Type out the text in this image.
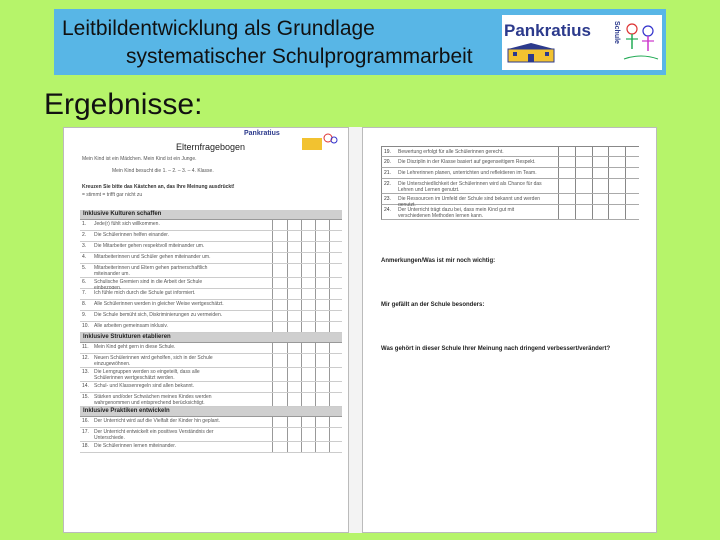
Leitbildentwicklung als Grundlage
systematischer Schulprogrammarbeit
Pankratius	Schule
Ergebnisse:
Elternfragebogen
Pankratius
Mein Kind ist ein Mädchen. Mein Kind ist ein Junge.
Mein Kind besucht die 1. – 2. – 3. – 4. Klasse.
Kreuzen Sie bitte das Kästchen an, das Ihre Meinung ausdrückt!
= stimmt = trifft gar nicht zu
Inklusive Kulturen schaffen
1. Jede(r) fühlt sich willkommen.
2. Die Schülerinnen helfen einander.
3. Die Mitarbeiter gehen respektvoll miteinander um.
4. Mitarbeiterinnen und Schüler gehen miteinander um.
5. Mitarbeiterinnen und Eltern gehen partnerschaftlich miteinander um.
6. Schulische Gremien sind in die Arbeit der Schule einbezogen.
7. Ich fühle mich durch die Schule gut informiert.
8. Alle Schülerinnen werden in gleicher Weise wertgeschätzt.
9. Die Schule bemüht sich, Diskriminierungen zu vermeiden.
10. Alle arbeiten gemeinsam inklusiv.
Inklusive Strukturen etablieren
11. Mein Kind geht gern in diese Schule.
12. Neuen Schülerinnen wird geholfen, sich in der Schule einzugewöhnen.
13. Die Lerngruppen werden so eingeteilt, dass alle Schülerinnen wertgeschätzt werden.
14. Schul- und Klassenregeln sind allen bekannt.
15. Stärken und/oder Schwächen meines Kindes werden wahrgenommen und entsprechend berücksichtigt.
Inklusive Praktiken entwickeln
16. Der Unterricht wird auf die Vielfalt der Kinder hin geplant.
17. Der Unterricht entwickelt ein positives Verständnis der Unterschiede.
18. Die Schülerinnen lernen miteinander.
19. Bewertung erfolgt für alle Schülerinnen gerecht.
20. Die Disziplin in der Klasse basiert auf gegenseitigem Respekt.
21. Die Lehrerinnen planen, unterrichten und reflektieren im Team.
22. Die Unterschiedlichkeit der Schülerinnen wird als Chance für das Lehren und Lernen genutzt.
23. Die Ressourcen im Umfeld der Schule sind bekannt und werden genutzt.
24. Der Unterricht trägt dazu bei, dass mein Kind gut mit verschiedenen Methoden lernen kann.
Anmerkungen/Was ist mir noch wichtig:
Mir gefällt an der Schule besonders:
Was gehört in dieser Schule Ihrer Meinung nach dringend verbessert/verändert?
